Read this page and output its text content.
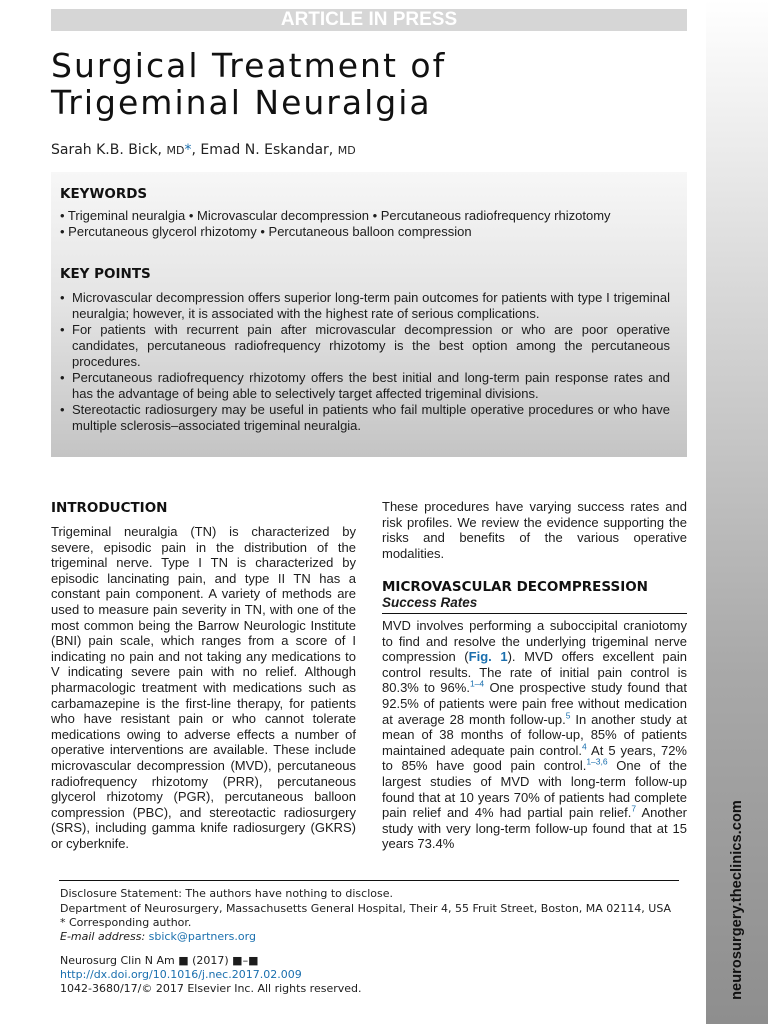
neurosurgery.theclinics.com
ARTICLE IN PRESS
Surgical Treatment of
Trigeminal Neuralgia
Sarah K.B. Bick, MD*, Emad N. Eskandar, MD
KEYWORDS
• Trigeminal neuralgia • Microvascular decompression • Percutaneous radiofrequency rhizotomy
• Percutaneous glycerol rhizotomy • Percutaneous balloon compression
KEY POINTS
• Microvascular decompression offers superior long-term pain outcomes for patients with type I trigeminal neuralgia; however, it is associated with the highest rate of serious complications.
• For patients with recurrent pain after microvascular decompression or who are poor operative candidates, percutaneous radiofrequency rhizotomy is the best option among the percutaneous procedures.
• Percutaneous radiofrequency rhizotomy offers the best initial and long-term pain response rates and has the advantage of being able to selectively target affected trigeminal divisions.
• Stereotactic radiosurgery may be useful in patients who fail multiple operative procedures or who have multiple sclerosis–associated trigeminal neuralgia.
INTRODUCTION

Trigeminal neuralgia (TN) is characterized by severe, episodic pain in the distribution of the trigeminal nerve. Type I TN is characterized by episodic lancinating pain, and type II TN has a constant pain component. A variety of methods are used to measure pain severity in TN, with one of the most common being the Barrow Neurologic Institute (BNI) pain scale, which ranges from a score of I indicating no pain and not taking any medications to V indicating severe pain with no relief. Although pharmacologic treatment with medications such as carbamazepine is the first-line therapy, for patients who have resistant pain or who cannot tolerate medications owing to adverse effects a number of operative interventions are available. These include microvascular decompression (MVD), percutaneous radiofrequency rhizotomy (PRR), percutaneous glycerol rhizotomy (PGR), percutaneous balloon compression (PBC), and stereotactic radiosurgery (SRS), including gamma knife radiosurgery (GKRS) or cyberknife.

These procedures have varying success rates and risk profiles. We review the evidence supporting the risks and benefits of the various operative modalities.

MICROVASCULAR DECOMPRESSION
Success Rates

MVD involves performing a suboccipital craniotomy to find and resolve the underlying trigeminal nerve compression (Fig. 1). MVD offers excellent pain control results. The rate of initial pain control is 80.3% to 96%.$^{1-4}$ One prospective study found that 92.5% of patients were pain free without medication at average 28 month follow-up.$^5$ In another study at mean of 38 months of follow-up, 85% of patients maintained adequate pain control.$^4$ At 5 years, 72% to 85% have good pain control.$^{1-3,6}$ One of the largest studies of MVD with long-term follow-up found that at 10 years 70% of patients had complete pain relief and 4% had partial pain relief.$^7$ Another study with very long-term follow-up found that at 15 years 73.4%

Disclosure Statement: The authors have nothing to disclose.
Department of Neurosurgery, Massachusetts General Hospital, Their 4, 55 Fruit Street, Boston, MA 02114, USA
* Corresponding author.
E-mail address: sbick@partners.org
Neurosurg Clin N Am ■ (2017) ■–■
http://dx.doi.org/10.1016/j.nec.2017.02.009
1042-3680/17/© 2017 Elsevier Inc. All rights reserved.
